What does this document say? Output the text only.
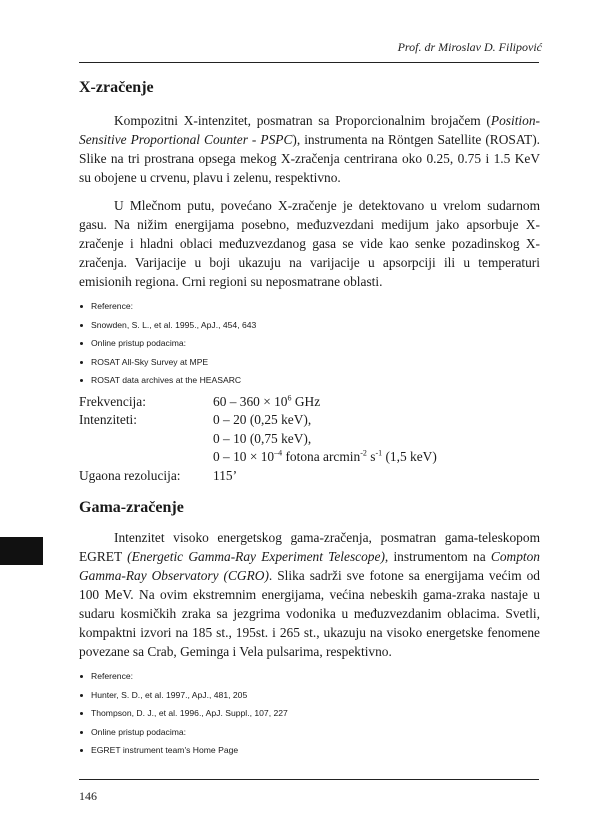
Prof. dr Miroslav D. Filipović
X-zračenje

Kompozitni X-intenzitet, posmatran sa Proporcionalnim brojačem (Position-Sensitive Proportional Counter - PSPC), instrumenta na Röntgen Satellite (ROSAT). Slike na tri prostrana opsega mekog X-zračenja centrirana oko 0.25, 0.75 i 1.5 KeV su obojene u crvenu, plavu i zelenu, respektivno.

U Mlečnom putu, povećano X-zračenje je detektovano u vrelom sudarnom gasu. Na nižim energijama posebno, međuzvezdani medijum jako apsorbuje X-zračenje i hladni oblaci međuzvezdanog gasa se vide kao senke pozadinskog X-zračenja. Varijacije u boji ukazuju na varijacije u apsorpciji ili u temperaturi emisionih regiona. Crni regioni su neposmatrane oblasti.

Reference:
Snowden, S. L., et al. 1995., ApJ., 454, 643
Online pristup podacima:
ROSAT All-Sky Survey at MPE
ROSAT data archives at the HEASARC
Frekvencija:	$60 - 360 \times 10^6$ GHz
Intenziteti:	0 – 20 (0,25 keV),
0 – 10 (0,75 keV),
$0 - 10 \times 10^{-4}$ fotona arcmin$^{-2}$ $s^{-1}$ (1,5 keV)
Ugaona rezolucija:	115’
Gama-zračenje

Intenzitet visoko energetskog gama-zračenja, posmatran gama-teleskopom EGRET (Energetic Gamma-Ray Experiment Telescope), instrumentom na Compton Gamma-Ray Observatory (CGRO). Slika sadrži sve fotone sa energijama većim od 100 MeV. Na ovim ekstremnim energijama, većina nebeskih gama-zraka nastaje u sudaru kosmičkih zraka sa jezgrima vodonika u međuzvezdanim oblacima. Svetli, kompaktni izvori na 185 st., 195st. i 265 st., ukazuju na visoko energetske fenomene povezane sa Crab, Geminga i Vela pulsarima, respektivno.

Reference:
Hunter, S. D., et al. 1997., ApJ., 481, 205
Thompson, D. J., et al. 1996., ApJ. Suppl., 107, 227
Online pristup podacima:
EGRET instrument team's Home Page
146
